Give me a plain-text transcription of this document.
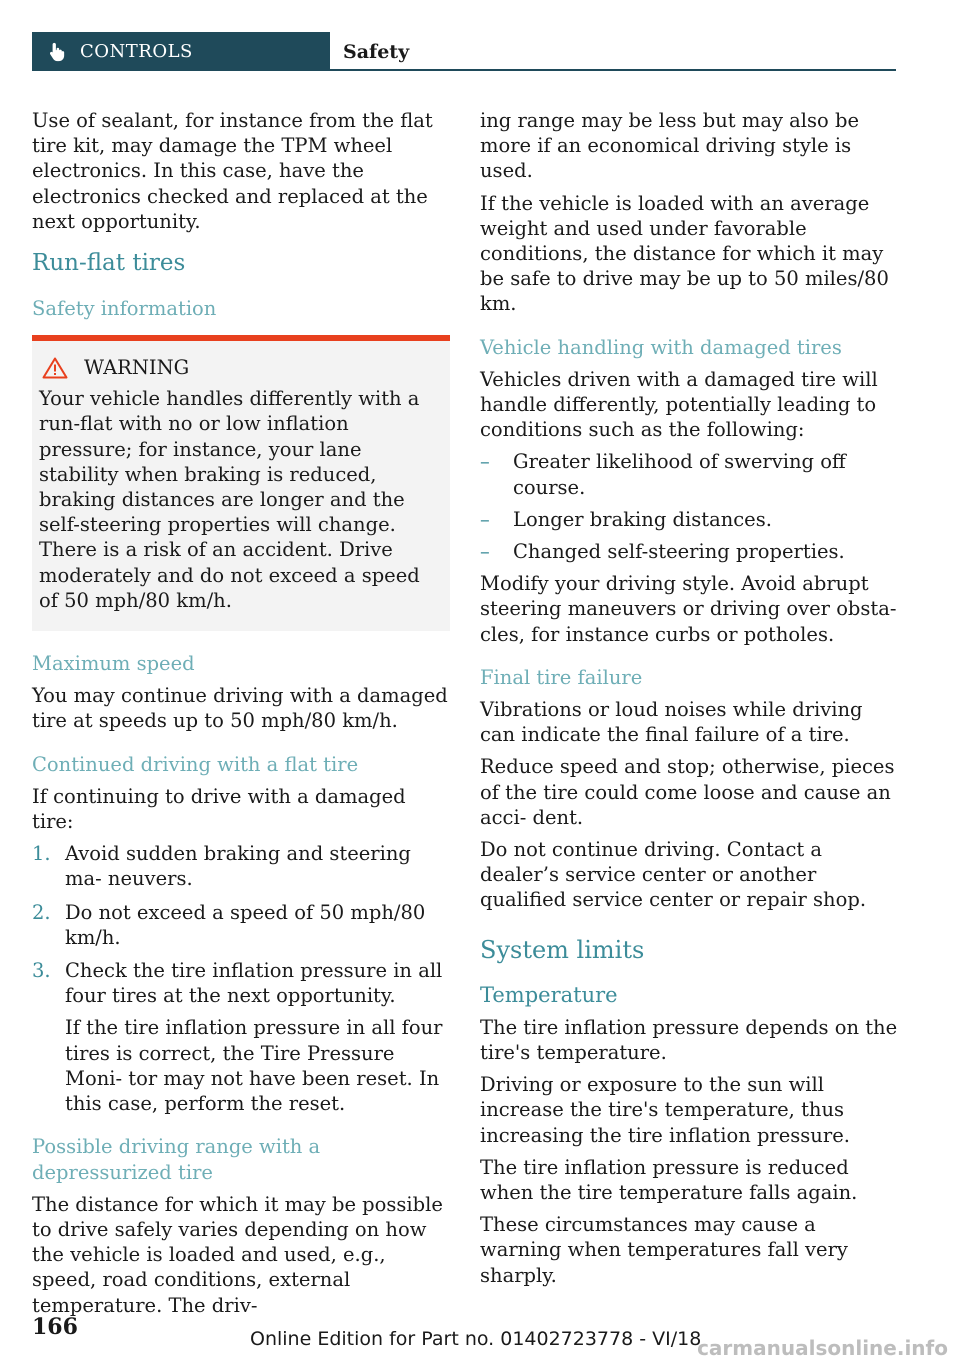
CONTROLS	Safety

Use of sealant, for instance from the flat tire kit, may damage the TPM wheel electronics. In this case, have the electronics checked and replaced at the next opportunity.

Run-flat tires
Safety information
WARNING

Your vehicle handles differently with a run-flat with no or low inflation pressure; for instance, your lane stability when braking is reduced, braking distances are longer and the self-steering properties will change. There is a risk of an accident. Drive moderately and do not exceed a speed of 50 mph/80 km/h.

Maximum speed

You may continue driving with a damaged tire at speeds up to 50 mph/80 km/h.

Continued driving with a flat tire

If continuing to drive with a damaged tire:

1. Avoid sudden braking and steering ma‐ neuvers.
2. Do not exceed a speed of 50 mph/80 km/h.
3. Check the tire inflation pressure in all four tires at the next opportunity.
If the tire inflation pressure in all four tires is correct, the Tire Pressure Moni‐ tor may not have been reset. In this case, perform the reset.
Possible driving range with a depressurized tire

The distance for which it may be possible to drive safely varies depending on how the vehicle is loaded and used, e.g., speed, road conditions, external temperature. The driv‐

ing range may be less but may also be more if an economical driving style is used.

If the vehicle is loaded with an average weight and used under favorable conditions, the distance for which it may be safe to drive may be up to 50 miles/80 km.

Vehicle handling with damaged tires

Vehicles driven with a damaged tire will handle differently, potentially leading to conditions such as the following:

–	Greater likelihood of swerving off course.
–	Longer braking distances.
–	Changed self-steering properties.

Modify your driving style. Avoid abrupt steering maneuvers or driving over obsta‐ cles, for instance curbs or potholes.

Final tire failure

Vibrations or loud noises while driving can indicate the final failure of a tire.

Reduce speed and stop; otherwise, pieces of the tire could come loose and cause an acci‐ dent.

Do not continue driving. Contact a dealer’s service center or another qualified service center or repair shop.

System limits
Temperature

The tire inflation pressure depends on the tire's temperature.

Driving or exposure to the sun will increase the tire's temperature, thus increasing the tire inflation pressure.

The tire inflation pressure is reduced when the tire temperature falls again.

These circumstances may cause a warning when temperatures fall very sharply.

166	Online Edition for Part no. 01402723778 - VI/18
carmanualsonline.info
